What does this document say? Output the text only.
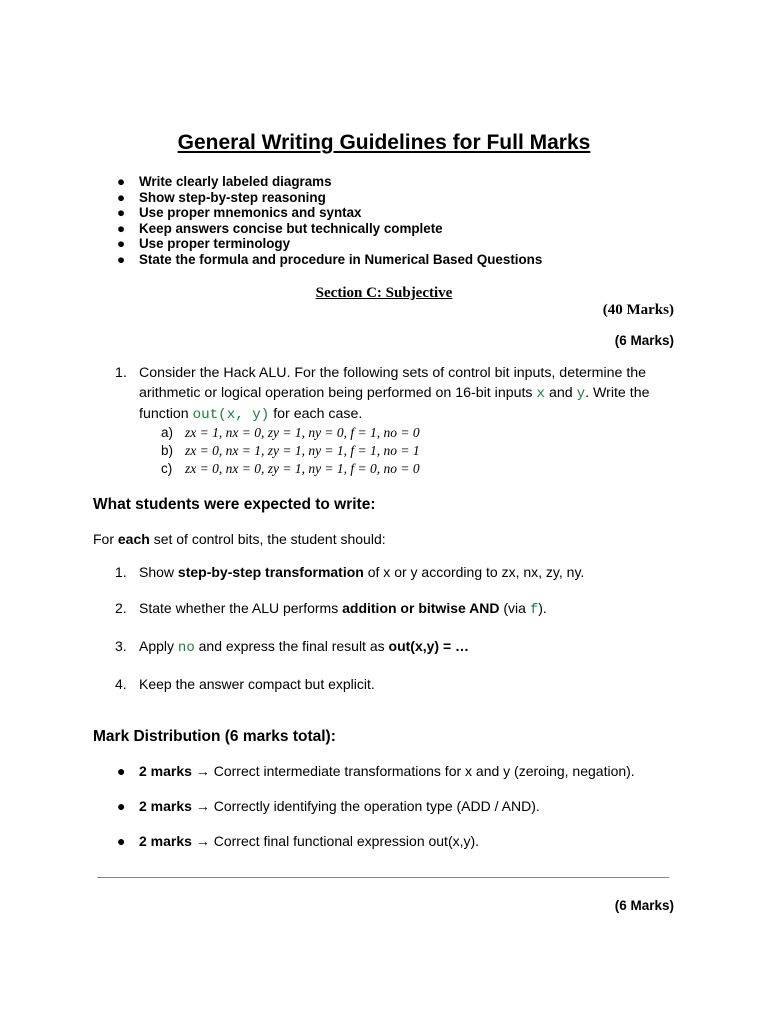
General Writing Guidelines for Full Marks
● Write clearly labeled diagrams
● Show step-by-step reasoning
● Use proper mnemonics and syntax
● Keep answers concise but technically complete
● Use proper terminology
● State the formula and procedure in Numerical Based Questions
Section C: Subjective
(40 Marks)
(6 Marks)
1. Consider the Hack ALU. For the following sets of control bit inputs, determine the arithmetic or logical operation being performed on 16-bit inputs x and y. Write the function out(x, y) for each case.
a) zx = 1, nx = 0, zy = 1, ny = 0, f = 1, no = 0
b) zx = 0, nx = 1, zy = 1, ny = 1, f = 1, no = 1
c) zx = 0, nx = 0, zy = 1, ny = 1, f = 0, no = 0
What students were expected to write:
For each set of control bits, the student should:
1. Show step-by-step transformation of x or y according to zx, nx, zy, ny.
2. State whether the ALU performs addition or bitwise AND (via f).
3. Apply no and express the final result as out(x,y) = …
4. Keep the answer compact but explicit.
Mark Distribution (6 marks total):
● 2 marks → Correct intermediate transformations for x and y (zeroing, negation).
● 2 marks → Correctly identifying the operation type (ADD / AND).
● 2 marks → Correct final functional expression out(x,y).
(6 Marks)
